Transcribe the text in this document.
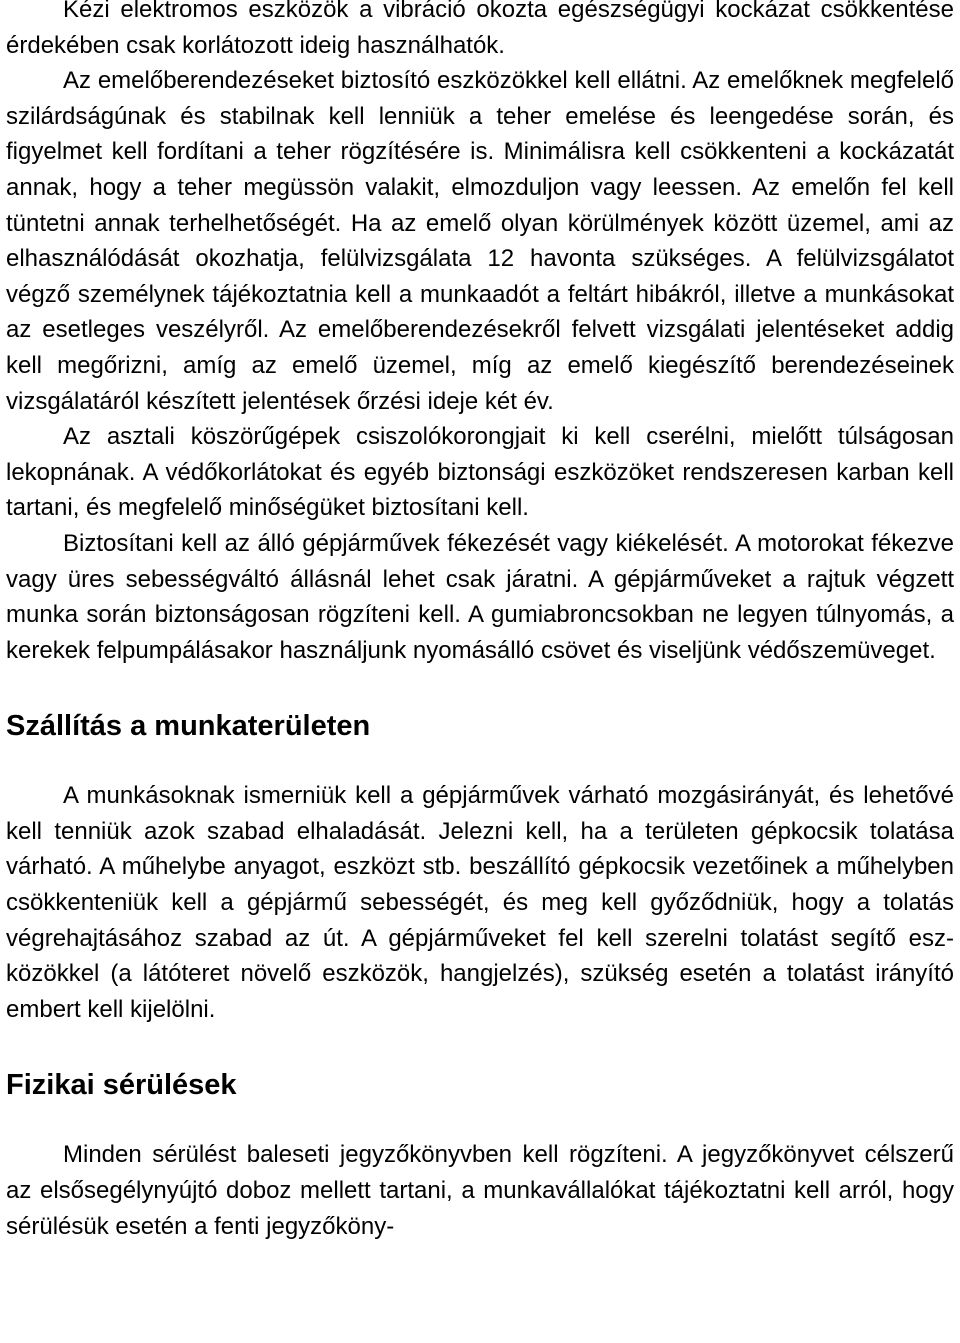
Kézi elektromos eszközök a vibráció okozta egészségügyi kockázat csökkentése érdekében csak korlátozott ideig használhatók.

Az emelőberendezéseket biztosító eszközökkel kell ellátni. Az emelőknek megfelelő szilárdságúnak és stabilnak kell lenniük a teher emelése és leengedése során, és figyelmet kell fordítani a teher rögzítésére is. Minimálisra kell csökkenteni a kockázatát annak, hogy a teher megüssön valakit, elmozduljon vagy leessen. Az emelőn fel kell tüntetni annak terhelhetőségét. Ha az emelő olyan körülmények között üzemel, ami az elhasználódását okozhatja, felülvizsgálata 12 havonta szükséges. A felülvizsgálatot végző személynek tájékoztatnia kell a munkaadót a feltárt hibákról, illetve a munkásokat az esetleges veszélyről. Az emelőberendezésekről felvett vizsgálati jelentéseket addig kell megőrizni, amíg az emelő üzemel, míg az emelő kiegészítő berendezéseinek vizsgálatáról készített jelentések őrzési ideje két év.

Az asztali köszörűgépek csiszolókorongjait ki kell cserélni, mielőtt túlságosan lekopnának. A védőkorlátokat és egyéb biztonsági eszközöket rendszeresen karban kell tartani, és megfelelő minőségüket biztosítani kell.

Biztosítani kell az álló gépjárművek fékezését vagy kiékelését. A motorokat fékezve vagy üres sebességváltó állásnál lehet csak járatni. A gépjárműveket a rajtuk végzett munka során biztonságosan rögzíteni kell. A gumiabroncsokban ne legyen túlnyomás, a kerekek felpumpálásakor használjunk nyomásálló csövet és viseljünk védőszemüveget.

Szállítás a munkaterületen

A munkásoknak ismerniük kell a gépjárművek várható mozgásirányát, és lehetővé kell tenniük azok szabad elhaladását. Jelezni kell, ha a területen gépkocsik tolatása várható. A műhelybe anyagot, eszközt stb. beszállító gépkocsik vezetőinek a műhelyben csökkenteniük kell a gépjármű sebességét, és meg kell győződniük, hogy a tolatás végrehajtásához szabad az út. A gépjárműveket fel kell szerelni tolatást segítő eszközökkel (a látóteret növelő eszközök, hangjelzés), szükség esetén a tolatást irányító embert kell kijelölni.

Fizikai sérülések

Minden sérülést baleseti jegyzőkönyvben kell rögzíteni. A jegyzőkönyvet célszerű az elsősegélynyújtó doboz mellett tartani, a munkavállalókat tájékoztatni kell arról, hogy sérülésük esetén a fenti jegyzőköny-
